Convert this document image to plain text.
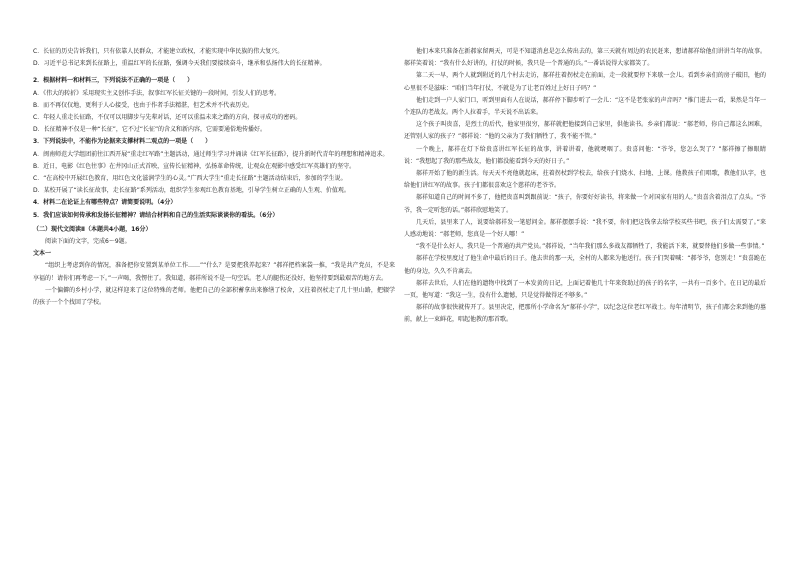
C．长征的历史告诉我们，只有依靠人民群众，才能建立政权，才能实现中华民族的伟大复兴。

D．习近平总书记来到长征路上，重温红军的长征路，强调今天我们要接续奋斗，继承和弘扬伟大的长征精神。

2．根据材料一和材料三，下列说法不正确的一项是（　　）

A．《伟大的转折》采用现实主义创作手法，叙事红军长征关键的一段时间，引发人们的思考。

B．而不再仅仅地，更利于人心接受，也由于作者手法精湛，但艺术并不代表历史。

C．年轻人重走长征路，不仅可以用脚步与先辈对话，还可以重温未来之路的方向，探寻成功的密码。

D．长征精神不仅是一种“长征”，它不过“长征”的含义和新内容，它需要通俗地传播好。

3．下列说法中，不能作为论据来支撑材料二观点的一项是（　　）

A．闽南师范大学组团前往江西开展“重走红军路”主题活动，通过师生学习并诵读《红军长征路》，提升新时代青年的理想和精神追求。

B．近日，电影《红色往事》在井冈山正式首映，宣传长征精神，弘扬革命传统，让观众在观影中感受红军英雄们的坚守。

C．“在高校中开展红色教育，用红色文化滋润学生的心灵。”广西大学生“重走长征路”主题活动结束后，参加的学生说。

D．某校开展了“读长征故事，走长征路”系列活动，组织学生参观红色教育基地，引导学生树立正确的人生观、价值观。

4．材料二在论证上有哪些特点？请简要说明。（4分）

5．我们应该如何传承和发扬长征精神？请结合材料和自己的生活实际谈谈你的看法。（6分）

（二）现代文阅读Ⅱ（本题共4小题，16分）

阅读下面的文字，完成6～9题。

文本一

“组织上考虑到你的情况，准备把你安置到某单位工作……”“什么？是要把我养起来？”郝祥把档案袋一推，“我是共产党员，不是来享福的！请你们再考虑一下。”一声喝，我愣住了。我知道，郝祥所说不是一句空话。老人的腿伤还没好，他坚持要到最艰苦的地方去。

一个偏僻的乡村小学，就这样迎来了这位特殊的老师。他把自己的全部积蓄拿出来修缮了校舍，又拄着拐杖走了几十里山路，把辍学的孩子一个个找回了学校。

他们本来只准备在新郝家留两天，可是不知道消息是怎么传出去的，第三天就有周边的农民赶来，想请郝祥给他们讲讲当年的故事。郝祥笑着说：“我有什么好讲的，打仗的时候，我只是一个普通的兵。”一番话说得大家都笑了。

第二天一早，两个人就到附近的几个村去走访，郝祥拄着拐杖走在前面，走一段就要停下来歇一会儿。看到乡亲们的房子破旧，他的心里很不是滋味：“咱们当年打仗，不就是为了让老百姓过上好日子吗？”

他们走到一户人家门口，听到里面有人在说话，郝祥停下脚步听了一会儿：“这不是老张家的声音吗？”推门进去一看，果然是当年一个连队的老战友。两个人拉着手，半天说不出话来。

这个孩子叫贵喜，是烈士的后代，他家里很穷，郝祥就把他接到自己家里，供他读书。乡亲们都说：“郝老师，你自己都这么困难，还管别人家的孩子？”郝祥说：“他的父亲为了我们牺牲了，我不能不管。”

一个晚上，郝祥在灯下给贵喜讲红军长征的故事，讲着讲着，他就哽咽了。贵喜问他：“爷爷，您怎么哭了？”郝祥擦了擦眼睛说：“我想起了我的那些战友，他们都没能看到今天的好日子。”

郝祥开始了他的新生活。每天天不亮他就起床，拄着拐杖到学校去，给孩子们烧水、扫地、上课。他教孩子们唱歌，教他们认字，也给他们讲红军的故事。孩子们都很喜欢这个慈祥的老爷爷。

郝祥知道自己的时间不多了，他把贵喜叫到跟前说：“孩子，你要好好读书，将来做一个对国家有用的人。”贵喜含着泪点了点头。“爷爷，我一定听您的话。”郝祥欣慰地笑了。

几天后，县里来了人，说要给郝祥发一笔慰问金。郝祥摆摆手说：“我不要，你们把这钱拿去给学校买些书吧，孩子们太需要了。”来人感动地说：“郝老师，您真是一个好人哪！”

“我不是什么好人，我只是一个普通的共产党员。”郝祥说，“当年我们那么多战友都牺牲了，我能活下来，就要替他们多做一些事情。”

郝祥在学校里度过了他生命中最后的日子。他去世的那一天，全村的人都来为他送行。孩子们哭着喊：“郝爷爷，您别走！”贵喜跪在他的身边，久久不肯离去。

郝祥去世后，人们在他的遗物中找到了一本发黄的日记，上面记着他几十年来资助过的孩子的名字，一共有一百多个。在日记的最后一页，他写道：“我这一生，没有什么遗憾，只是觉得做得还不够多。”

郝祥的故事很快就传开了。县里决定，把那所小学命名为“郝祥小学”，以纪念这位老红军战士。每年清明节，孩子们都会来到他的墓前，献上一束鲜花，唱起他教的那首歌。
